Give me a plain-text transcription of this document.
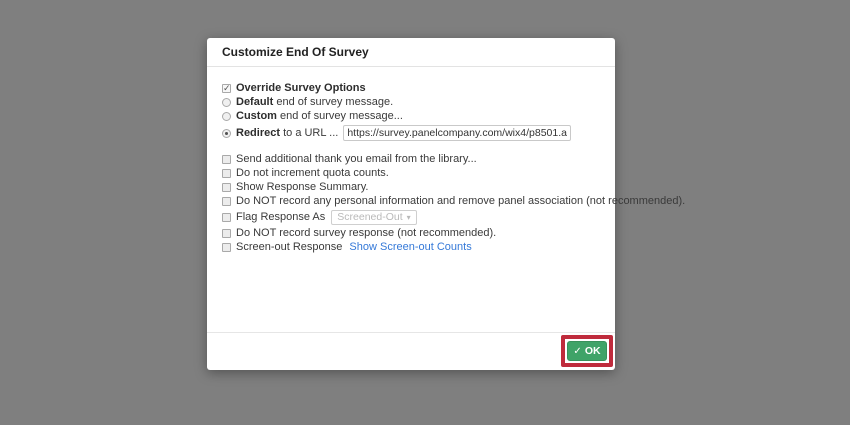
Customize End Of Survey
✓ Override Survey Options
Default end of survey message.
Custom end of survey message...
Redirect to a URL ...
https://survey.panelcompany.com/wix4/p8501.aspx?sta
Send additional thank you email from the library...
Do not increment quota counts.
Show Response Summary.
Do NOT record any personal information and remove panel association (not recommended).
Flag Response As Screened-Out ▾
Do NOT record survey response (not recommended).
Screen-out Response Show Screen-out Counts
✓ OK
